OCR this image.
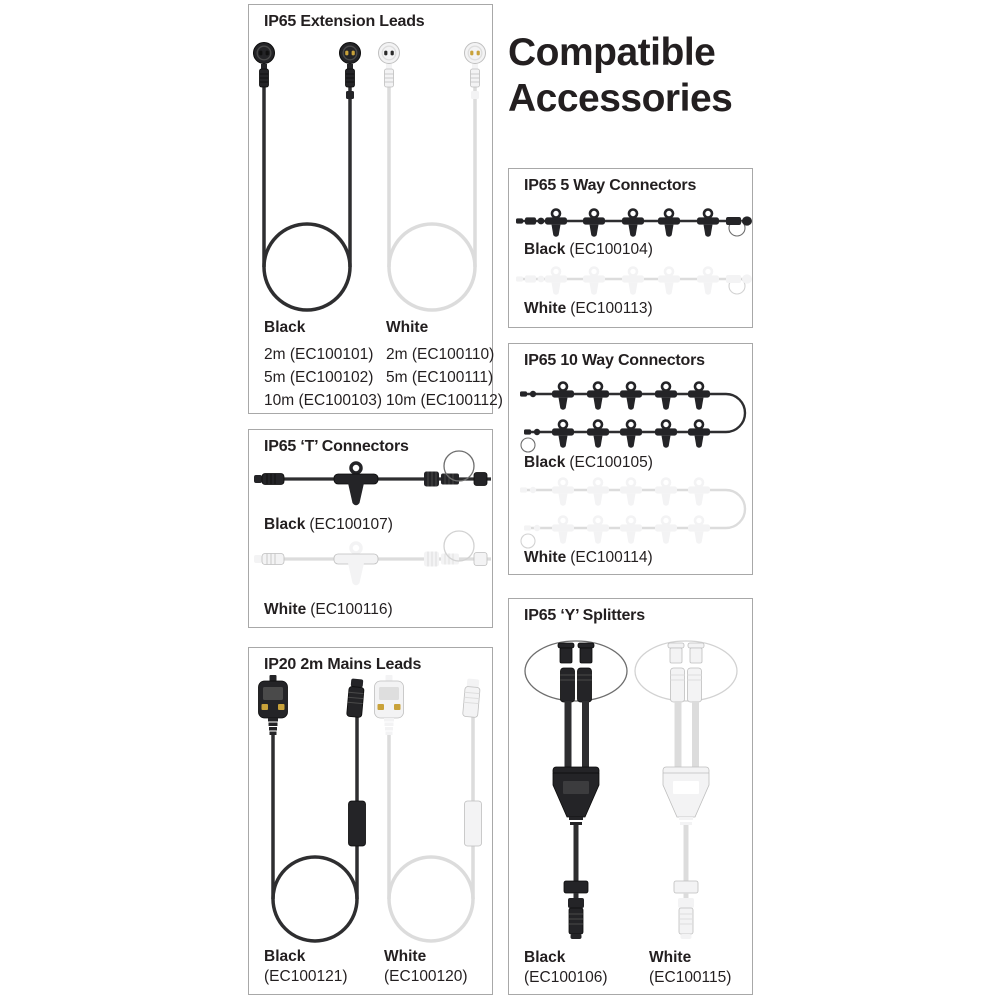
Compatible
Accessories
IP65 Extension Leads
Black
2m (EC100101)
5m (EC100102)
10m (EC100103)
White
2m (EC100110)
5m (EC100111)
10m (EC100112)
IP65 ‘T’ Connectors
Black (EC100107)
White (EC100116)
IP20 2m Mains Leads
Black
(EC100121)
White
(EC100120)
IP65 5 Way Connectors
Black (EC100104)
White (EC100113)
IP65 10 Way Connectors
Black (EC100105)
White (EC100114)
IP65 ‘Y’ Splitters
Black
(EC100106)
White
(EC100115)
